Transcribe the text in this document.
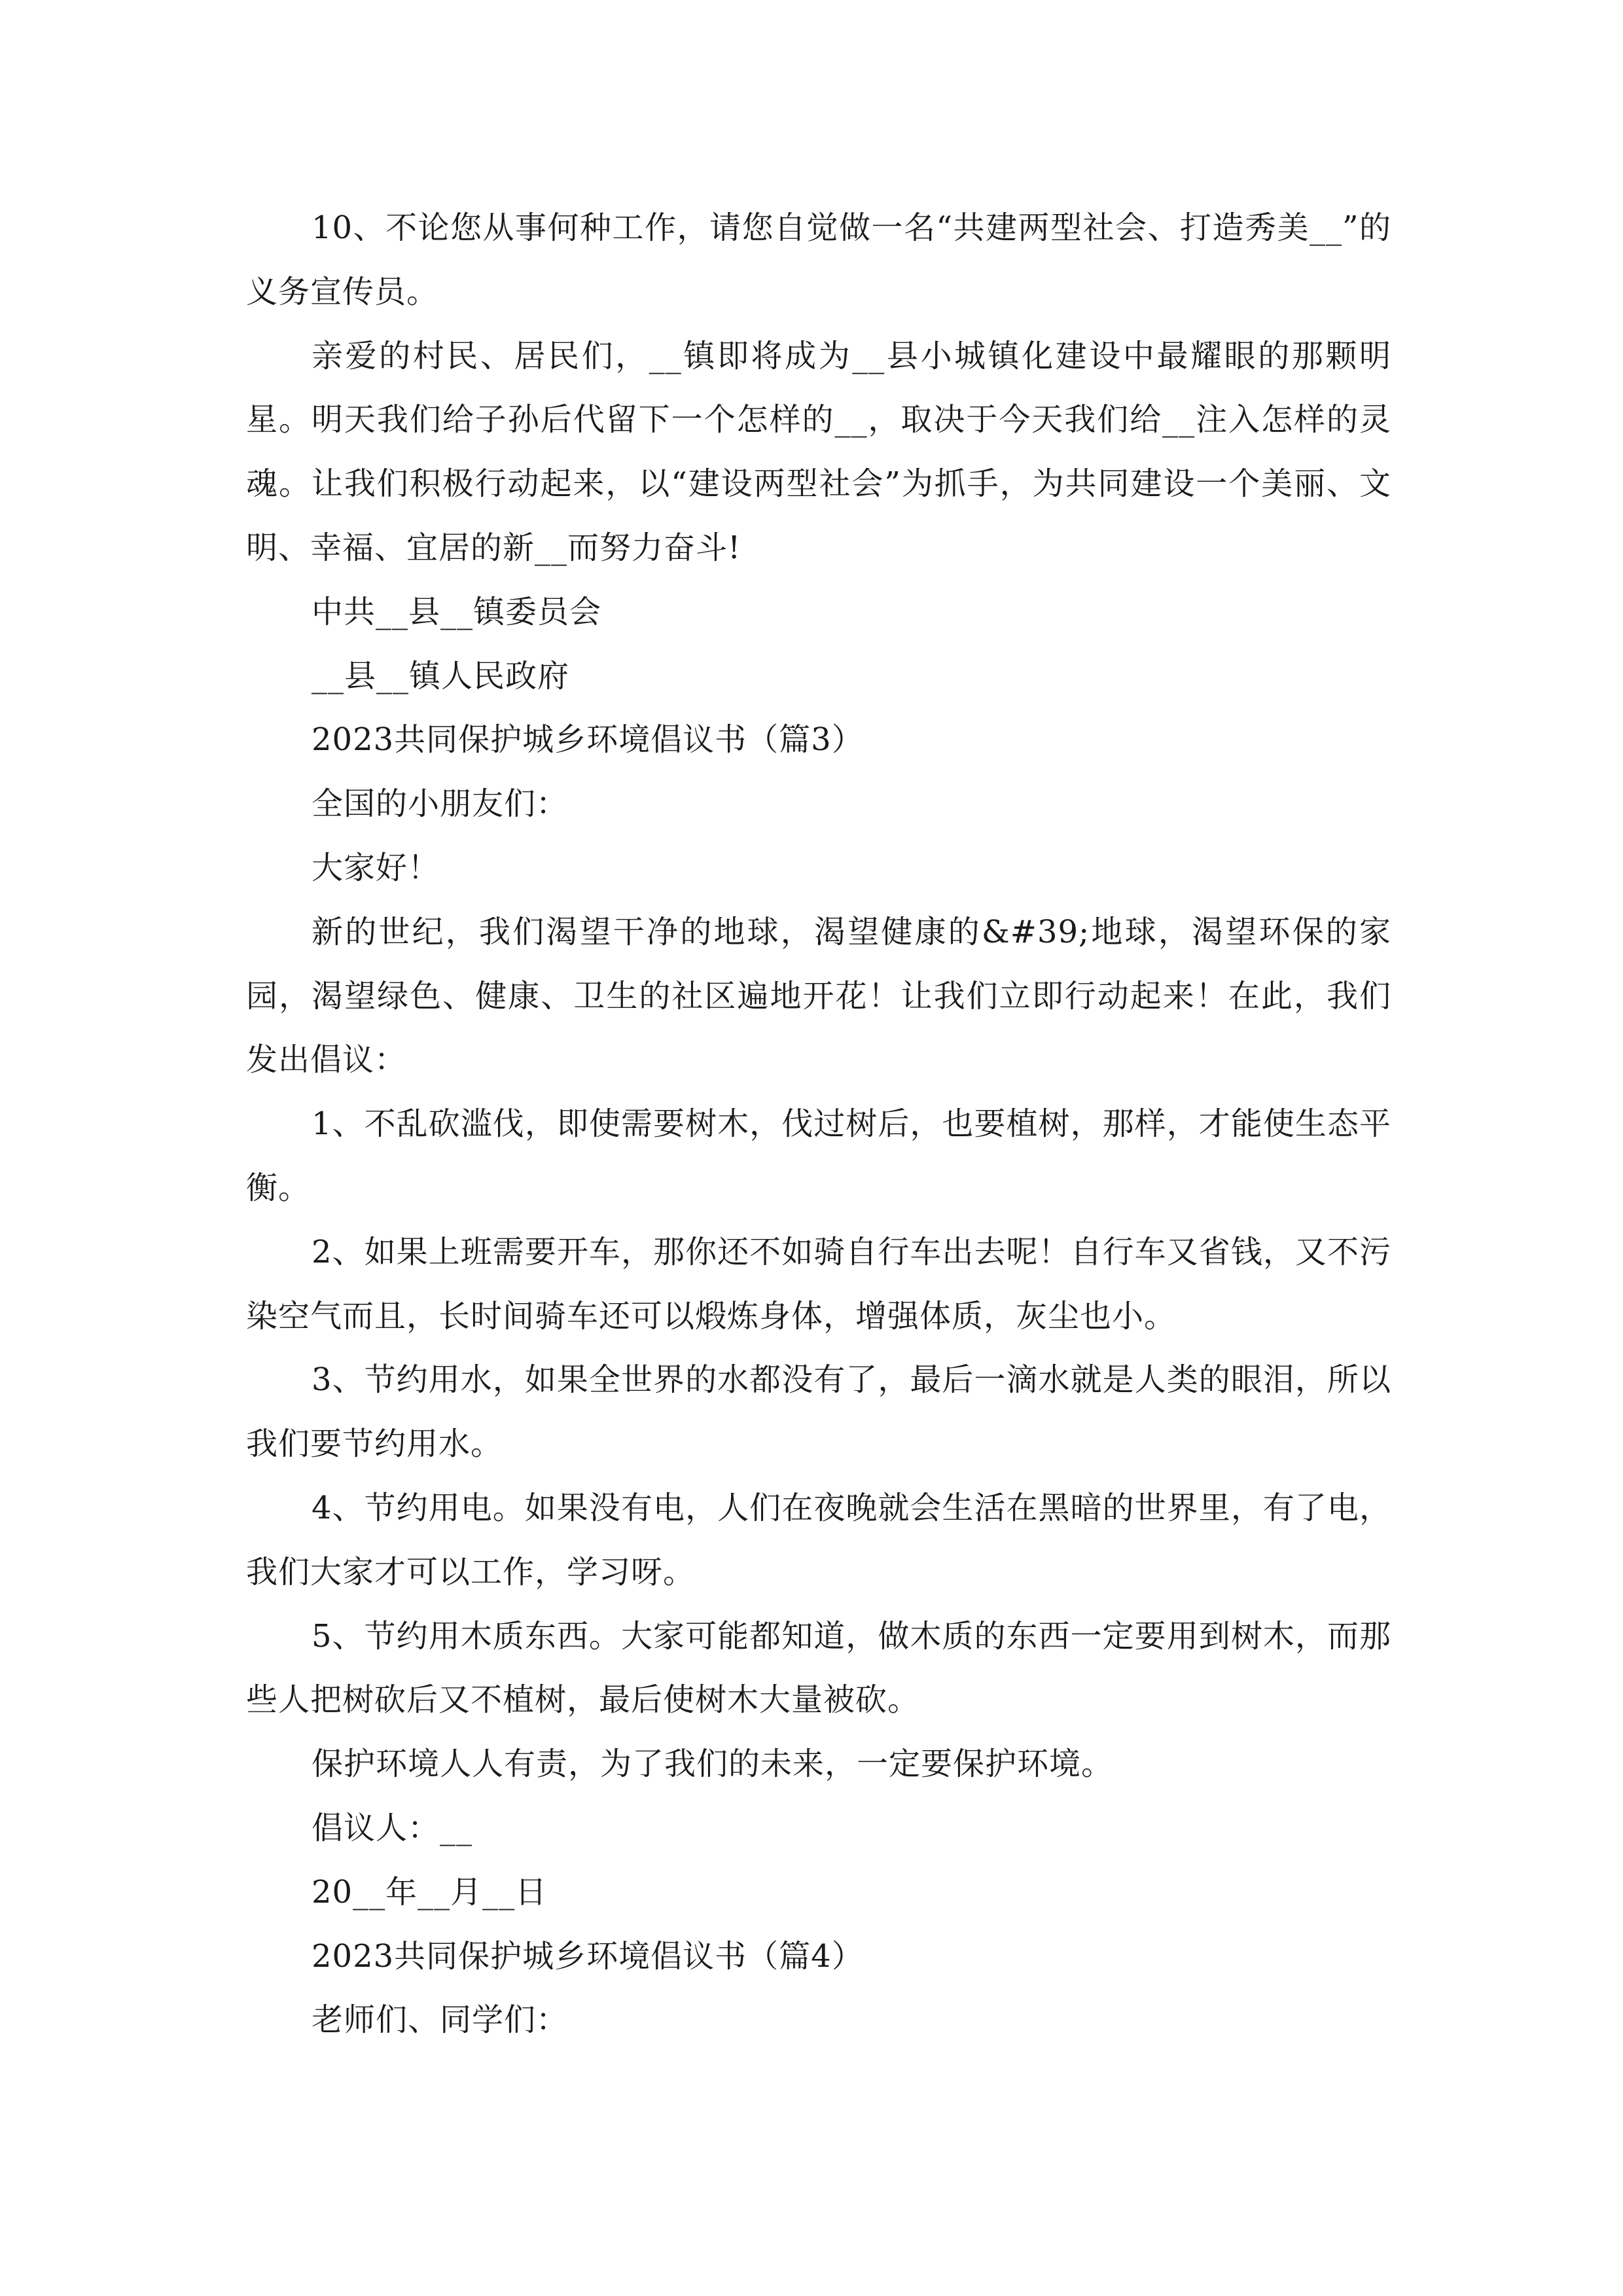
10、不论您从事何种工作，请您自觉做一名“共建两型社会、打造秀美__”的义务宣传员。

亲爱的村民、居民们，__镇即将成为__县小城镇化建设中最耀眼的那颗明星。明天我们给子孙后代留下一个怎样的__，取决于今天我们给__注入怎样的灵魂。让我们积极行动起来，以“建设两型社会”为抓手，为共同建设一个美丽、文明、幸福、宜居的新__而努力奋斗!

中共__县__镇委员会

__县__镇人民政府

2023共同保护城乡环境倡议书（篇3）

全国的小朋友们：

大家好！

新的世纪，我们渴望干净的地球，渴望健康的&#39;地球，渴望环保的家园，渴望绿色、健康、卫生的社区遍地开花！让我们立即行动起来！在此，我们发出倡议：

1、不乱砍滥伐，即使需要树木，伐过树后，也要植树，那样，才能使生态平衡。

2、如果上班需要开车，那你还不如骑自行车出去呢！自行车又省钱，又不污染空气而且，长时间骑车还可以煅炼身体，增强体质，灰尘也小。

3、节约用水，如果全世界的水都没有了，最后一滴水就是人类的眼泪，所以我们要节约用水。

4、节约用电。如果没有电，人们在夜晚就会生活在黑暗的世界里，有了电，我们大家才可以工作，学习呀。

5、节约用木质东西。大家可能都知道，做木质的东西一定要用到树木，而那些人把树砍后又不植树，最后使树木大量被砍。

保护环境人人有责，为了我们的未来，一定要保护环境。

倡议人：__

20__年__月__日

2023共同保护城乡环境倡议书（篇4）

老师们、同学们：
